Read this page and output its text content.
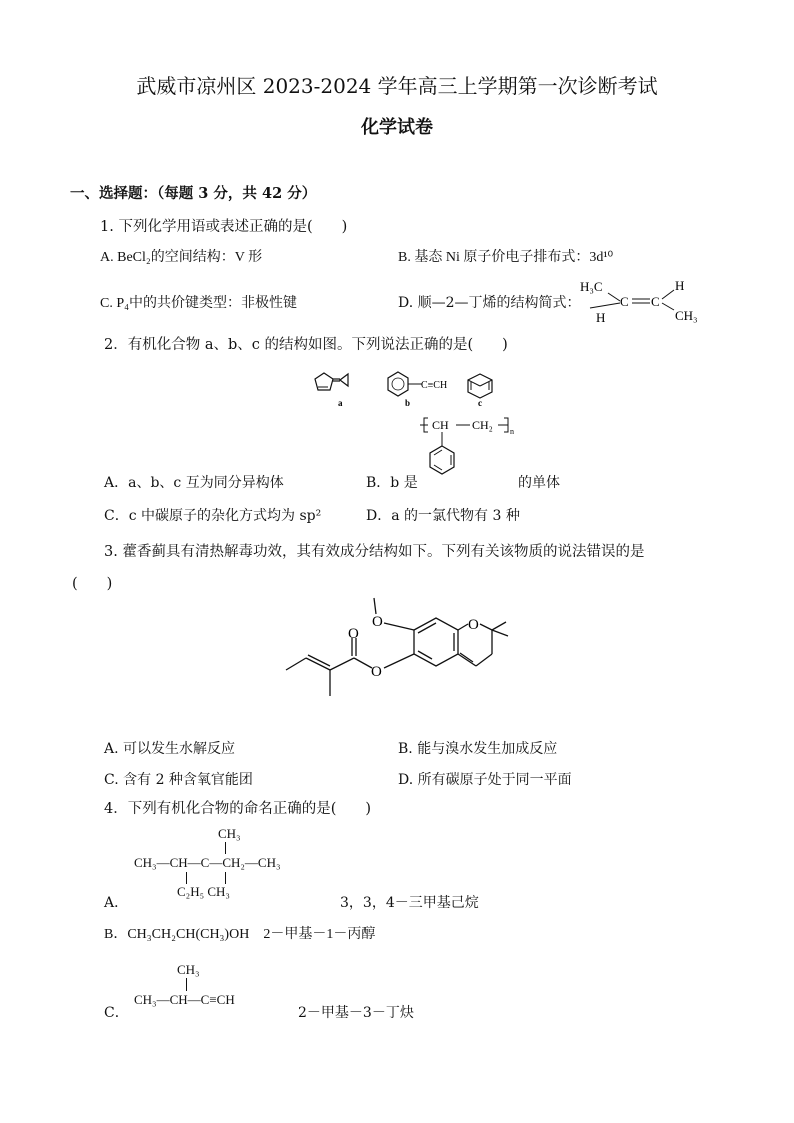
武威市凉州区 2023-2024 学年高三上学期第一次诊断考试
化学试卷
一、选择题：（每题 3 分，共 42 分）
1. 下列化学用语或表述正确的是(　　)
A. BeCl₂的空间结构：V 形	B. 基态 Ni 原子价电子排布式：3d¹⁰
C. P₄中的共价键类型：非极性键	D. 顺—2—丁烯的结构简式：
H₃C
H
C C
H
CH₃
2．有机化合物 a、b、c 的结构如图。下列说法正确的是(　　)
a
C≡CH
b	c
CH CH₂ n
A．a、b、c 互为同分异构体	B．b 是	的单体
C．c 中碳原子的杂化方式均为 sp²	D．a 的一氯代物有 3 种
3. 藿香蓟具有清热解毒功效，其有效成分结构如下。下列有关该物质的说法错误的是
(　　)
O
O
O
O
A. 可以发生水解反应	B. 能与溴水发生加成反应
C. 含有 2 种含氧官能团	D. 所有碳原子处于同一平面
4．下列有机化合物的命名正确的是(　　)
CH₃
CH₃—CH—C—CH₂—CH₃
C₂H₅ CH₃
A．	3，3，4－三甲基己烷
B．CH₃CH₂CH(CH₃)OH　2－甲基－1－丙醇
CH₃
CH₃—CH—C≡CH
C．	2－甲基－3－丁炔
